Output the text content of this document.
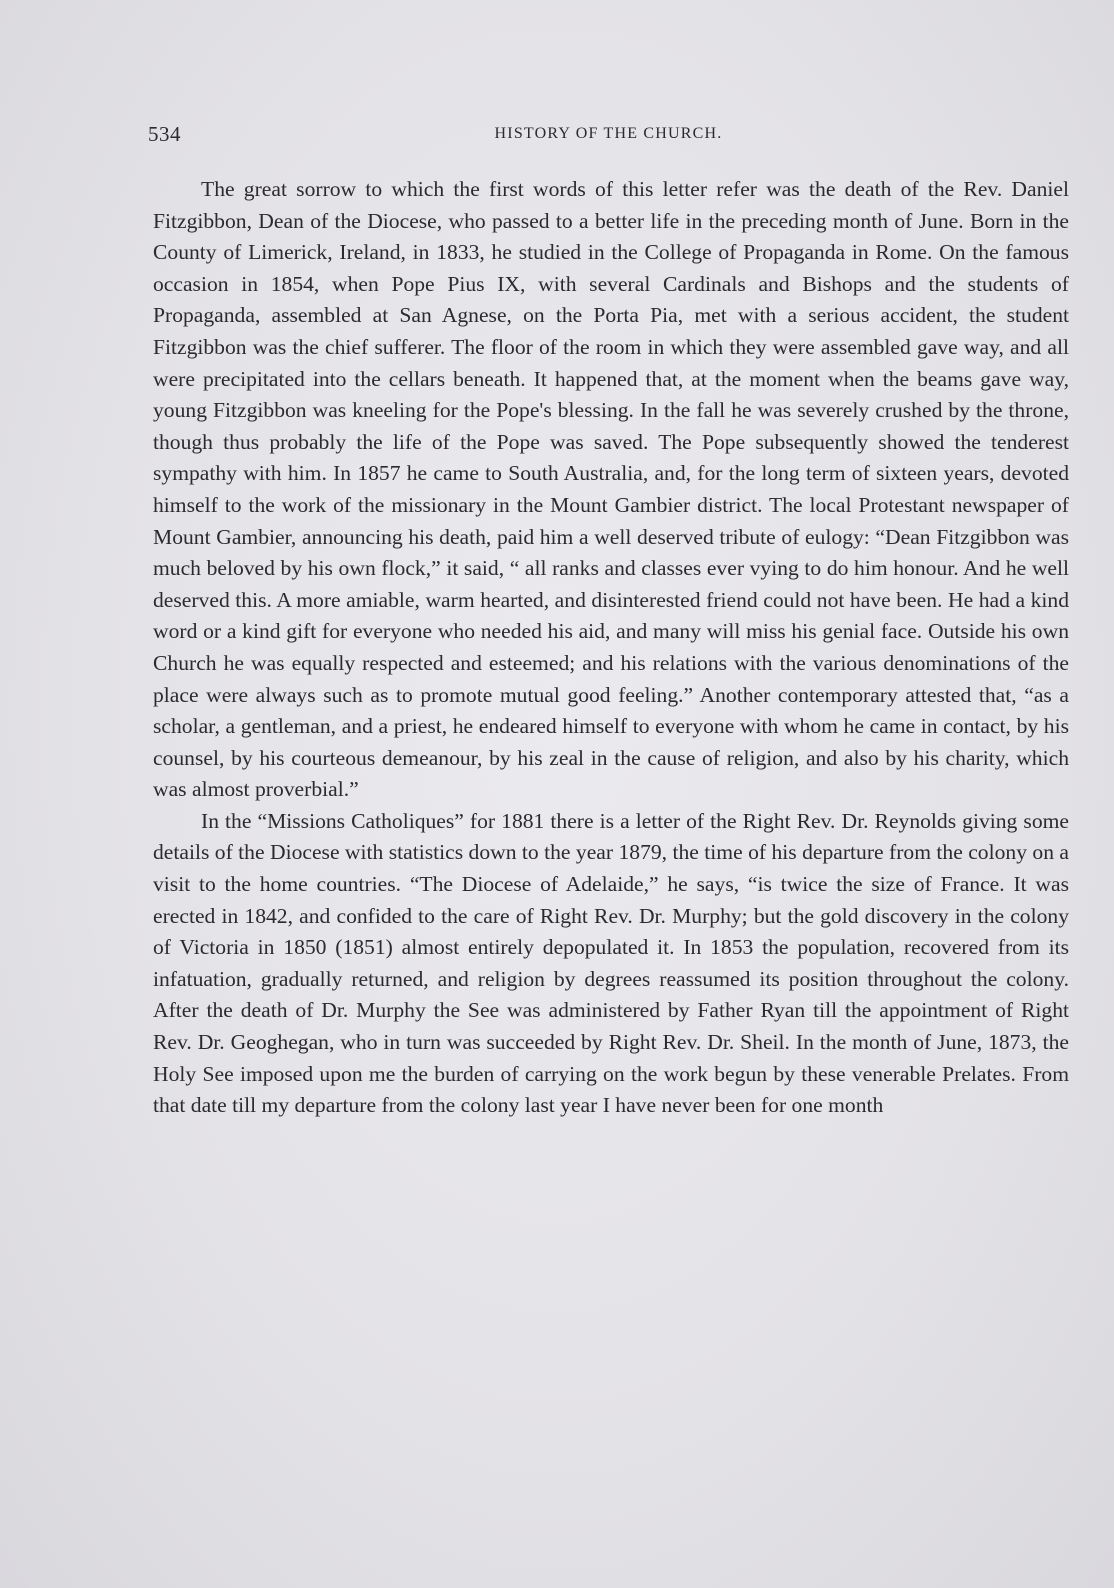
534	HISTORY OF THE CHURCH.

The great sorrow to which the first words of this letter refer was the death of the Rev. Daniel Fitzgibbon, Dean of the Diocese, who passed to a better life in the preceding month of June. Born in the County of Limerick, Ireland, in 1833, he studied in the College of Propaganda in Rome. On the famous occasion in 1854, when Pope Pius IX, with several Cardinals and Bishops and the students of Propaganda, assembled at San Agnese, on the Porta Pia, met with a serious accident, the student Fitzgibbon was the chief sufferer. The floor of the room in which they were assembled gave way, and all were precipitated into the cellars beneath. It happened that, at the moment when the beams gave way, young Fitzgibbon was kneeling for the Pope's blessing. In the fall he was severely crushed by the throne, though thus probably the life of the Pope was saved. The Pope subsequently showed the tenderest sympathy with him. In 1857 he came to South Australia, and, for the long term of sixteen years, devoted himself to the work of the missionary in the Mount Gambier district. The local Protestant newspaper of Mount Gambier, announcing his death, paid him a well deserved tribute of eulogy: “Dean Fitzgibbon was much beloved by his own flock,” it said, “ all ranks and classes ever vying to do him honour. And he well deserved this. A more amiable, warm hearted, and disinterested friend could not have been. He had a kind word or a kind gift for everyone who needed his aid, and many will miss his genial face. Outside his own Church he was equally respected and esteemed; and his relations with the various denominations of the place were always such as to promote mutual good feeling.” Another contemporary attested that, “as a scholar, a gentleman, and a priest, he endeared himself to everyone with whom he came in contact, by his counsel, by his courteous demeanour, by his zeal in the cause of religion, and also by his charity, which was almost proverbial.”

In the “Missions Catholiques” for 1881 there is a letter of the Right Rev. Dr. Reynolds giving some details of the Diocese with statistics down to the year 1879, the time of his departure from the colony on a visit to the home countries. “The Diocese of Adelaide,” he says, “is twice the size of France. It was erected in 1842, and confided to the care of Right Rev. Dr. Murphy; but the gold discovery in the colony of Victoria in 1850 (1851) almost entirely depopulated it. In 1853 the population, recovered from its infatuation, gradually returned, and religion by degrees reassumed its position throughout the colony. After the death of Dr. Murphy the See was administered by Father Ryan till the appointment of Right Rev. Dr. Geoghegan, who in turn was succeeded by Right Rev. Dr. Sheil. In the month of June, 1873, the Holy See imposed upon me the burden of carrying on the work begun by these venerable Prelates. From that date till my departure from the colony last year I have never been for one month
